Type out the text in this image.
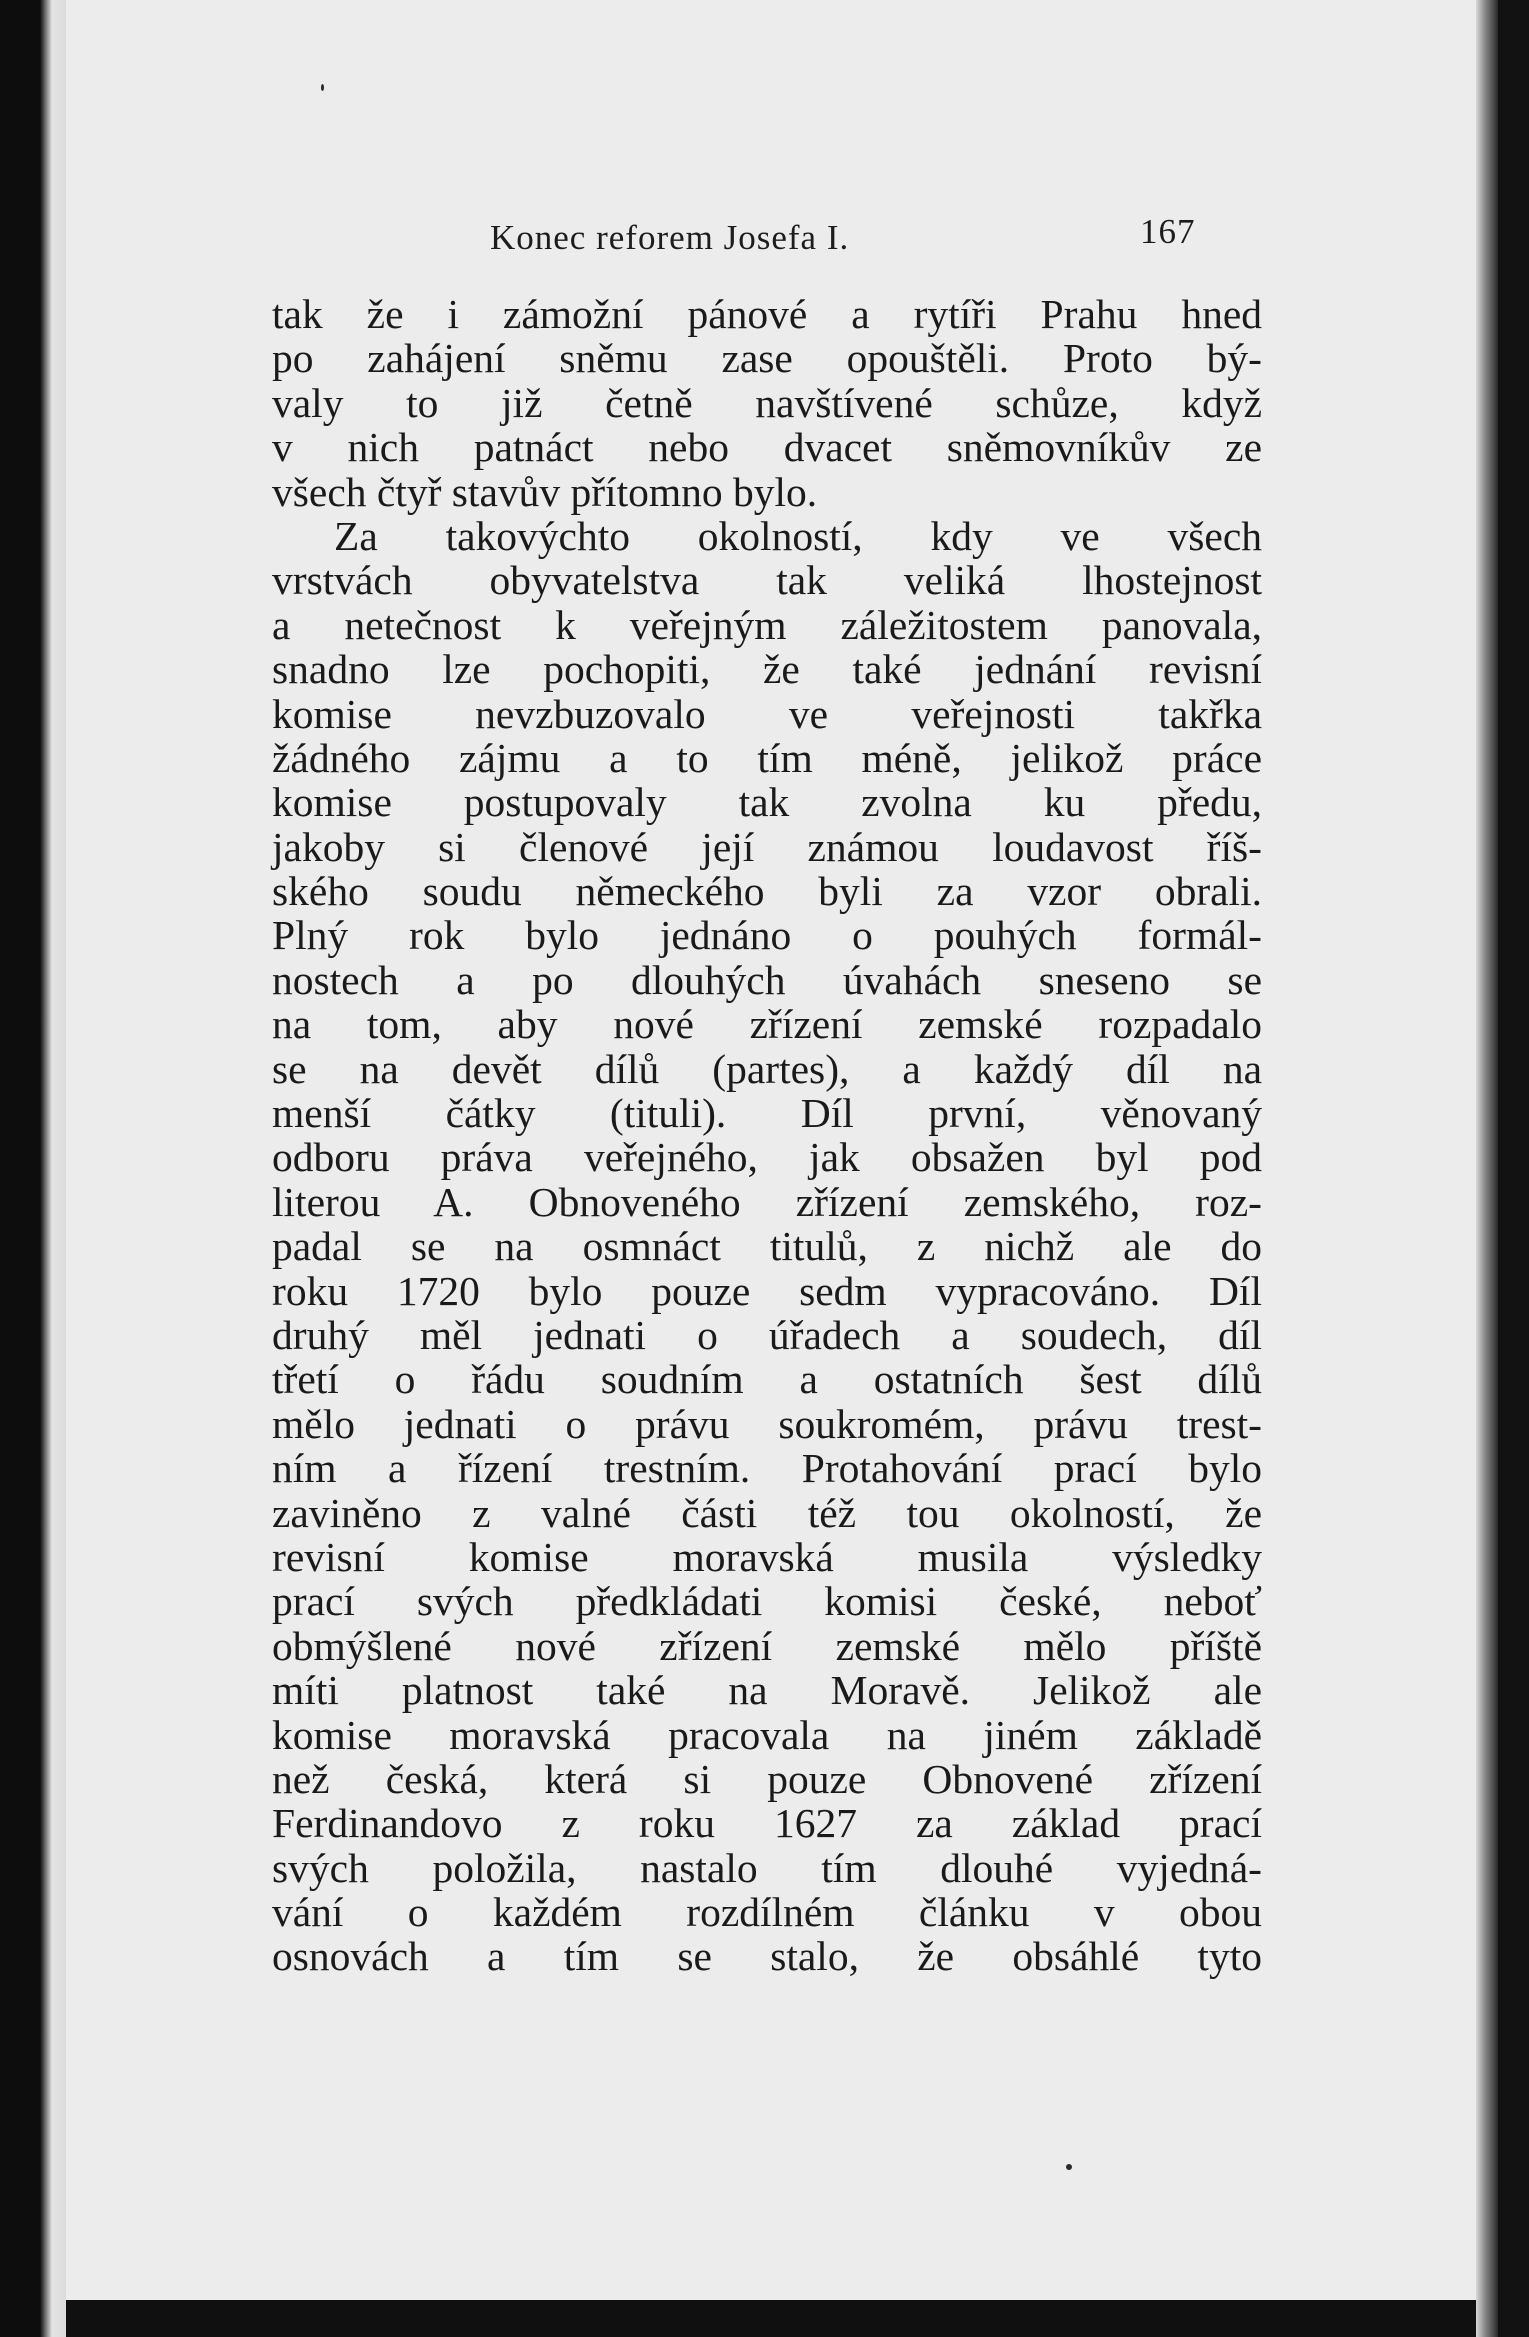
Konec reforem Josefa I.	167
tak že i zámožní pánové a rytíři Prahu hned
po zahájení sněmu zase opouštěli. Proto bý-
valy to již četně navštívené schůze, když
v nich patnáct nebo dvacet sněmovníkův ze
všech čtyř stavův přítomno bylo.
Za takovýchto okolností, kdy ve všech
vrstvách obyvatelstva tak veliká lhostejnost
a netečnost k veřejným záležitostem panovala,
snadno lze pochopiti, že také jednání revisní
komise nevzbuzovalo ve veřejnosti takřka
žádného zájmu a to tím méně, jelikož práce
komise postupovaly tak zvolna ku předu,
jakoby si členové její známou loudavost říš-
ského soudu německého byli za vzor obrali.
Plný rok bylo jednáno o pouhých formál-
nostech a po dlouhých úvahách sneseno se
na tom, aby nové zřízení zemské rozpadalo
se na devět dílů (partes), a každý díl na
menší čátky (tituli). Díl první, věnovaný
odboru práva veřejného, jak obsažen byl pod
literou A. Obnoveného zřízení zemského, roz-
padal se na osmnáct titulů, z nichž ale do
roku 1720 bylo pouze sedm vypracováno. Díl
druhý měl jednati o úřadech a soudech, díl
třetí o řádu soudním a ostatních šest dílů
mělo jednati o právu soukromém, právu trest-
ním a řízení trestním. Protahování prací bylo
zaviněno z valné části též tou okolností, že
revisní komise moravská musila výsledky
prací svých předkládati komisi české, neboť
obmýšlené nové zřízení zemské mělo příště
míti platnost také na Moravě. Jelikož ale
komise moravská pracovala na jiném základě
než česká, která si pouze Obnovené zřízení
Ferdinandovo z roku 1627 za základ prací
svých položila, nastalo tím dlouhé vyjedná-
vání o každém rozdílném článku v obou
osnovách a tím se stalo, že obsáhlé tyto
